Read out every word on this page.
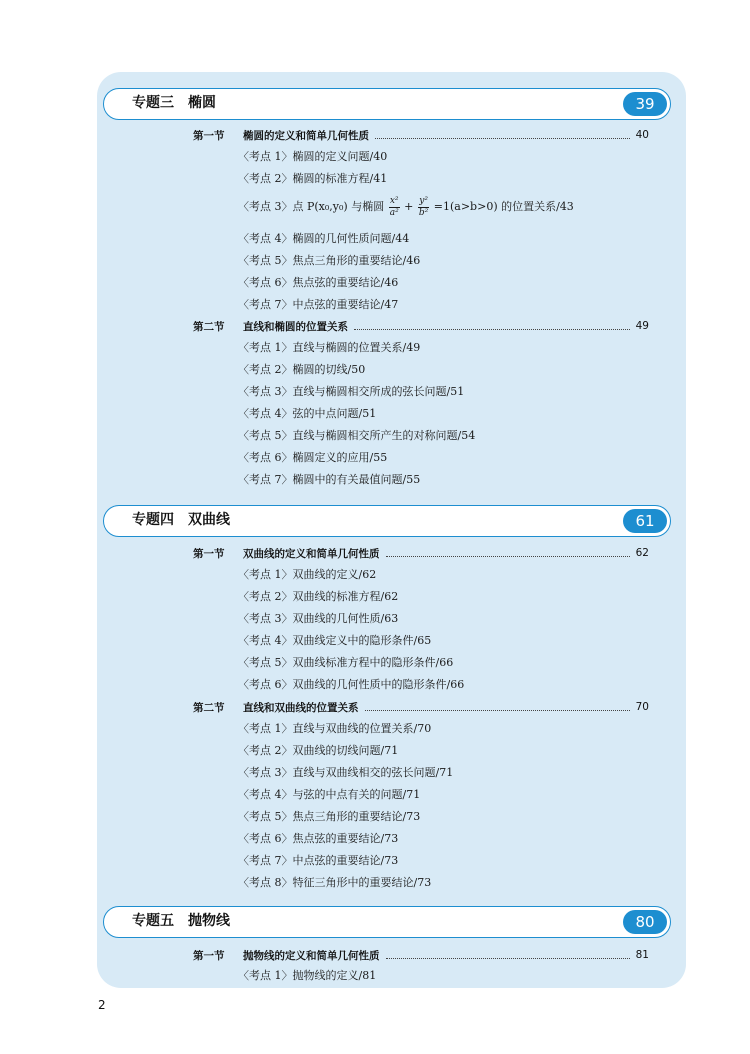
专题三　椭圆	39
第一节	椭圆的定义和简单几何性质	40
〈考点 1〉椭圆的定义问题/40
〈考点 2〉椭圆的标准方程/41
〈考点 3〉点 P(x₀,y₀) 与椭圆 $\frac{\text{x²}}{\text{a²}} + \frac{\text{y²}}{\text{b²}} =1(a>b>0)$ 的位置关系/43
〈考点 4〉椭圆的几何性质问题/44
〈考点 5〉焦点三角形的重要结论/46
〈考点 6〉焦点弦的重要结论/46
〈考点 7〉中点弦的重要结论/47
第二节	直线和椭圆的位置关系	49
〈考点 1〉直线与椭圆的位置关系/49
〈考点 2〉椭圆的切线/50
〈考点 3〉直线与椭圆相交所成的弦长问题/51
〈考点 4〉弦的中点问题/51
〈考点 5〉直线与椭圆相交所产生的对称问题/54
〈考点 6〉椭圆定义的应用/55
〈考点 7〉椭圆中的有关最值问题/55
专题四　双曲线	61
第一节	双曲线的定义和简单几何性质	62
〈考点 1〉双曲线的定义/62
〈考点 2〉双曲线的标准方程/62
〈考点 3〉双曲线的几何性质/63
〈考点 4〉双曲线定义中的隐形条件/65
〈考点 5〉双曲线标准方程中的隐形条件/66
〈考点 6〉双曲线的几何性质中的隐形条件/66
第二节	直线和双曲线的位置关系	70
〈考点 1〉直线与双曲线的位置关系/70
〈考点 2〉双曲线的切线问题/71
〈考点 3〉直线与双曲线相交的弦长问题/71
〈考点 4〉与弦的中点有关的问题/71
〈考点 5〉焦点三角形的重要结论/73
〈考点 6〉焦点弦的重要结论/73
〈考点 7〉中点弦的重要结论/73
〈考点 8〉特征三角形中的重要结论/73
专题五　抛物线	80
第一节	抛物线的定义和简单几何性质	81
〈考点 1〉抛物线的定义/81
2
